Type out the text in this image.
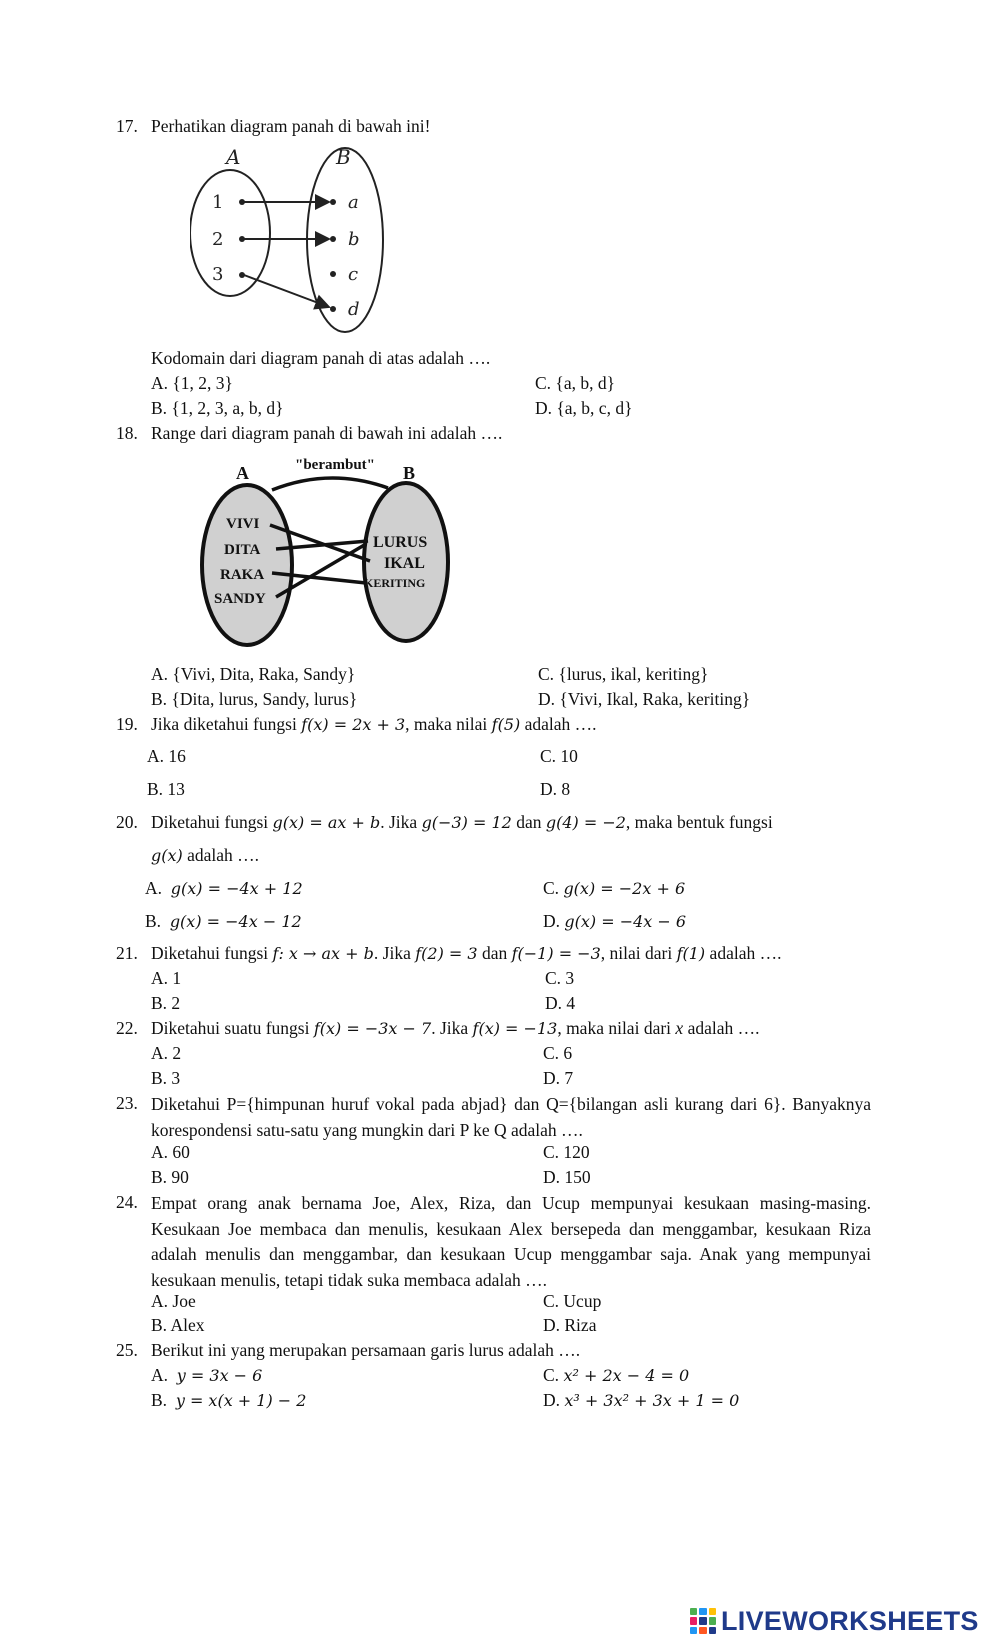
17. Perhatikan diagram panah di bawah ini!
A	B
1
2
3
a
b
c
d
Kodomain dari diagram panah di atas adalah ….
A. {1, 2, 3}	C. {a, b, d}
B. {1, 2, 3, a, b, d}	D. {a, b, c, d}
18. Range dari diagram panah di bawah ini adalah ….
A	"berambut" B
VIVI
DITA
RAKA
SANDY
LURUS
IKAL
KERITING
A. {Vivi, Dita, Raka, Sandy}	C. {lurus, ikal, keriting}
B. {Dita, lurus, Sandy, lurus}	D. {Vivi, Ikal, Raka, keriting}
19. Jika diketahui fungsi f(x) = 2x + 3, maka nilai f(5) adalah ….
A. 16	C. 10
B. 13	D. 8
20. Diketahui fungsi g(x) = ax + b. Jika g(−3) = 12 dan g(4) = −2, maka bentuk fungsi
g(x) adalah ….
A. g(x) = −4x + 12	C. g(x) = −2x + 6
B. g(x) = −4x − 12	D. g(x) = −4x − 6
21. Diketahui fungsi f: x → ax + b. Jika f(2) = 3 dan f(−1) = −3, nilai dari f(1) adalah ….
A. 1	C. 3
B. 2	D. 4
22. Diketahui suatu fungsi f(x) = −3x − 7. Jika f(x) = −13, maka nilai dari x adalah ….
A. 2	C. 6
B. 3	D. 7
23. Diketahui P={himpunan huruf vokal pada abjad} dan Q={bilangan asli kurang dari 6}. Banyaknya korespondensi satu-satu yang mungkin dari P ke Q adalah ….
A. 60	C. 120
B. 90	D. 150
24. Empat orang anak bernama Joe, Alex, Riza, dan Ucup mempunyai kesukaan masing-masing. Kesukaan Joe membaca dan menulis, kesukaan Alex bersepeda dan menggambar, kesukaan Riza adalah menulis dan menggambar, dan kesukaan Ucup menggambar saja. Anak yang mempunyai kesukaan menulis, tetapi tidak suka membaca adalah ….
A. Joe	C. Ucup
B. Alex	D. Riza
25. Berikut ini yang merupakan persamaan garis lurus adalah ….
A. y = 3x − 6	C. x² + 2x − 4 = 0
B. y = x(x + 1) − 2	D. x³ + 3x² + 3x + 1 = 0
LIVEWORKSHEETS
